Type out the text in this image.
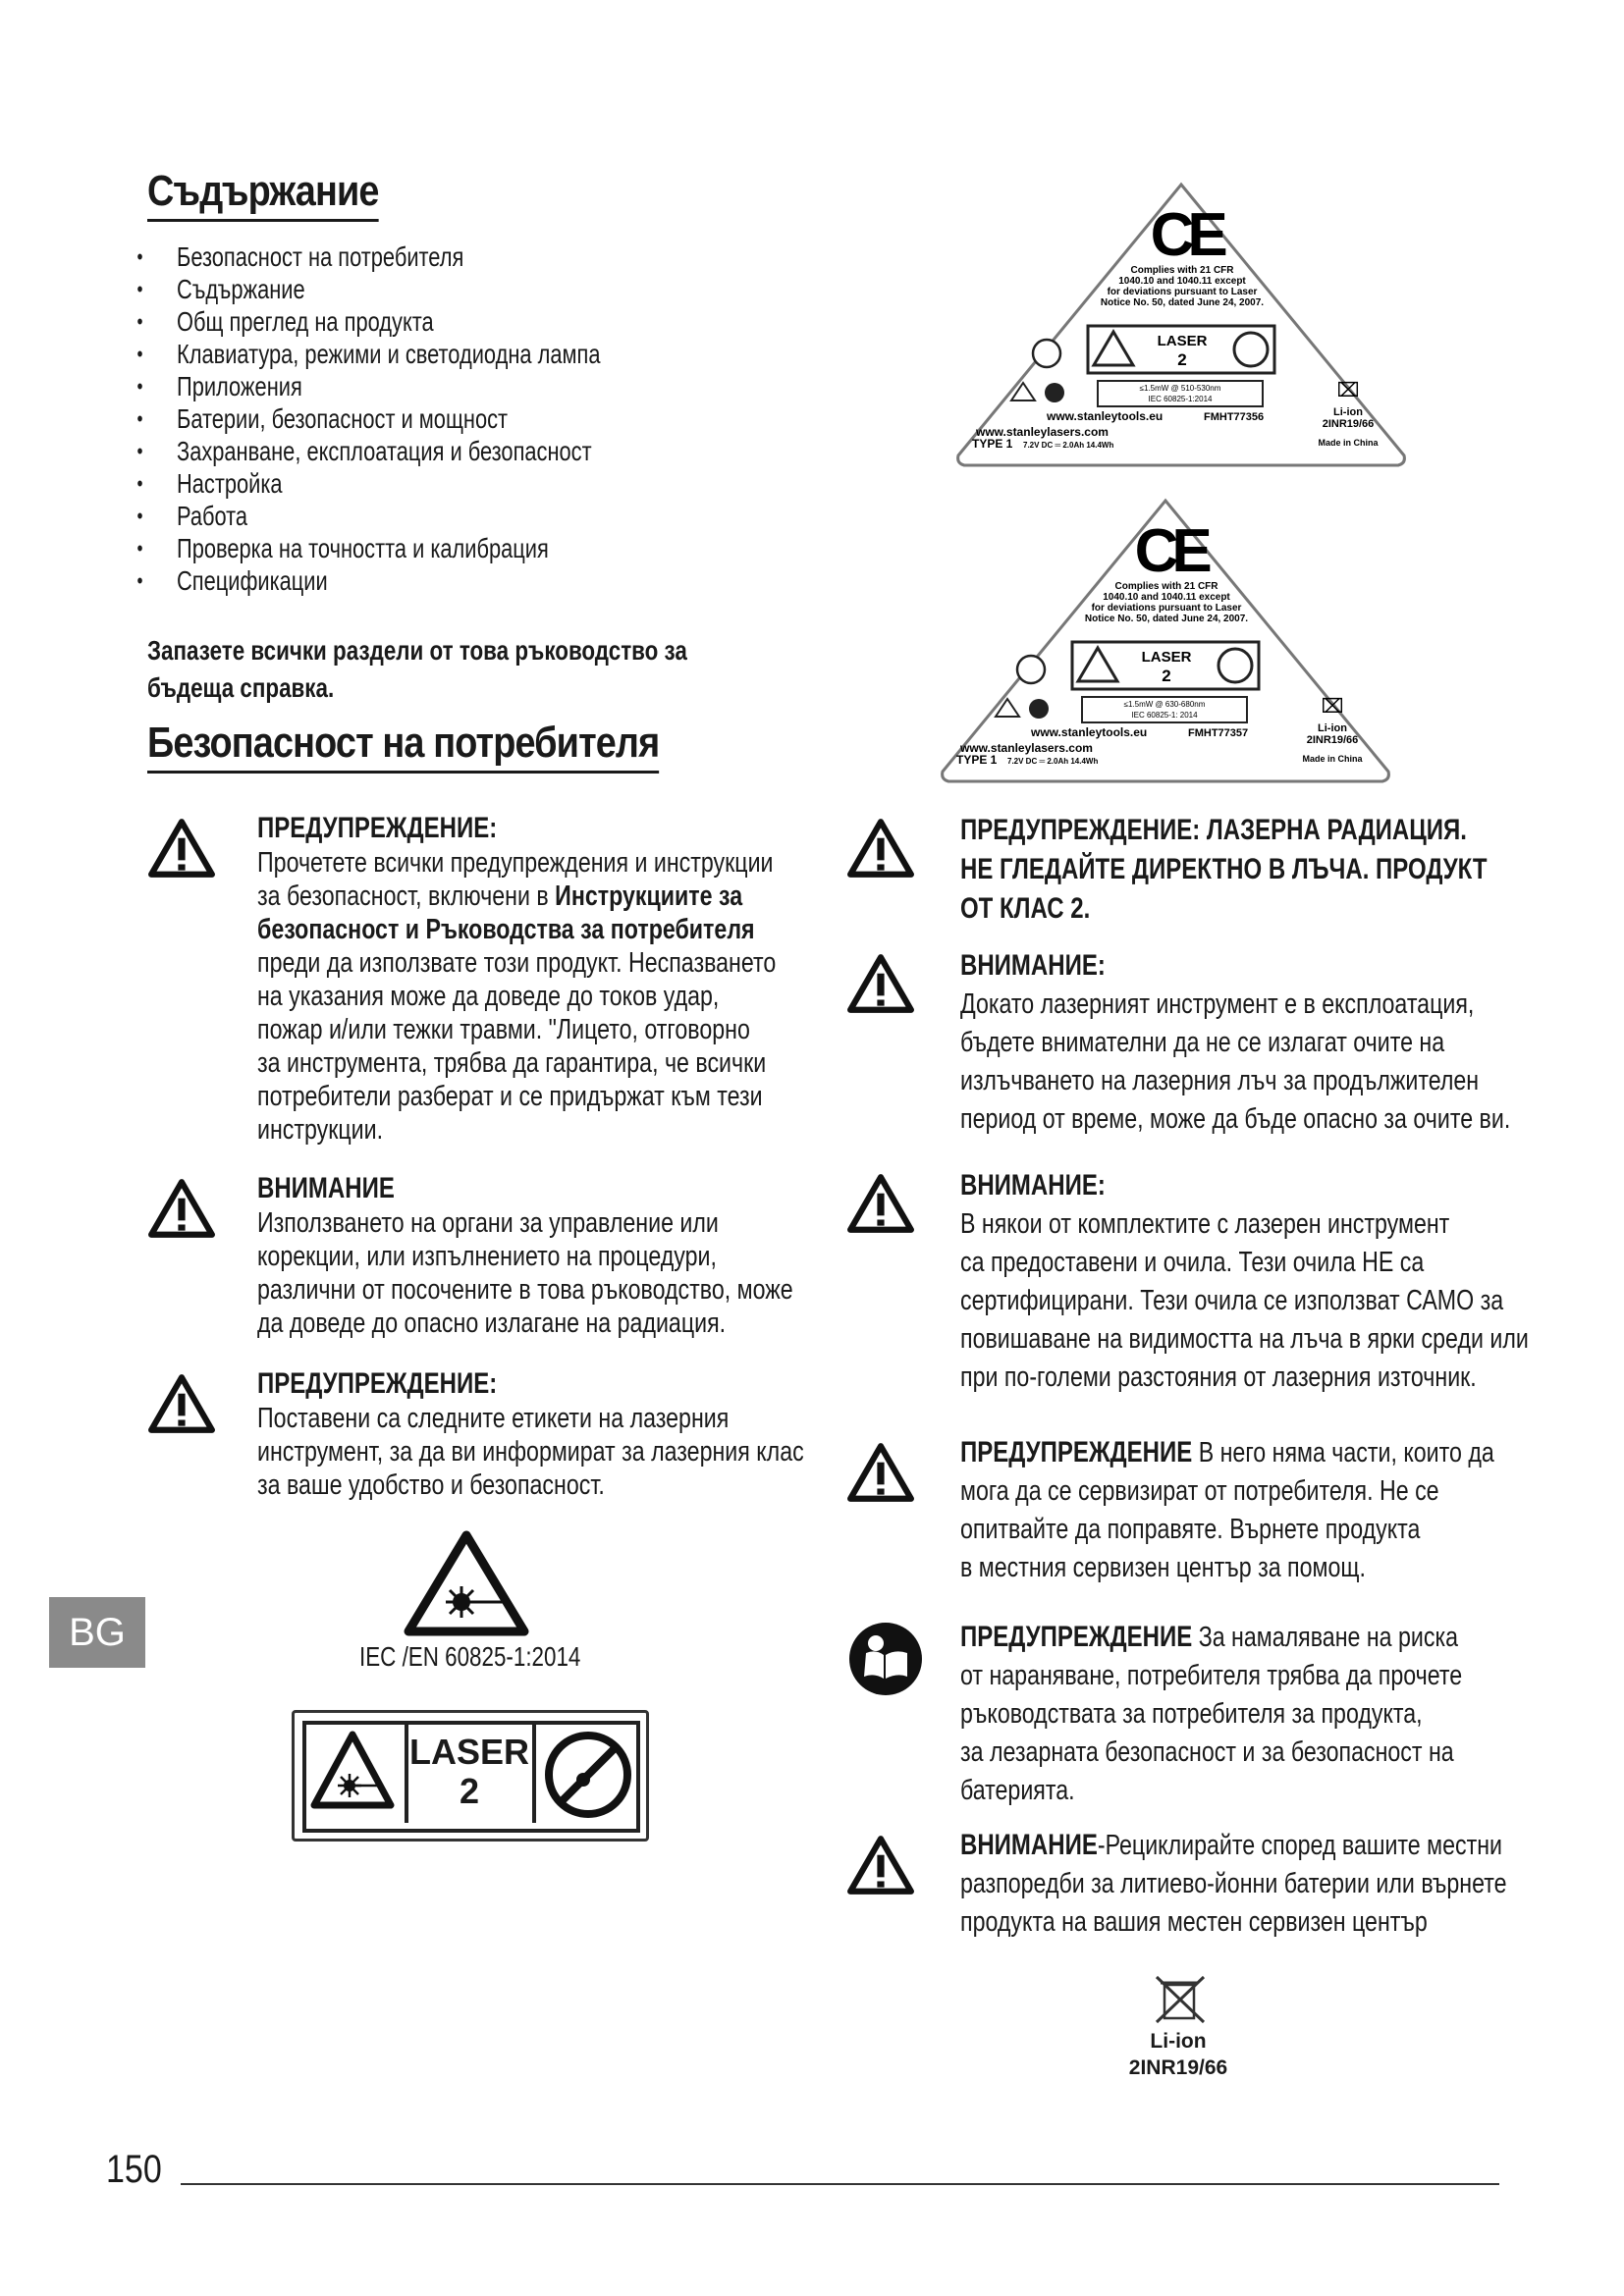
Съдържание
• Безопасност на потребителя
• Съдържание
• Общ преглед на продукта
• Клавиатура, режими и светодиодна лампа
• Приложения
• Батерии, безопасност и мощност
• Захранване, експлоатация и безопасност
• Настройка
• Работа
• Проверка на точността и калибрация
• Спецификации
Запазете всички раздели от това ръководство за
бъдеща справка.
Безопасност на потребителя
ПРЕДУПРЕЖДЕНИЕ:
Прочетете всички предупреждения и инструкции
за безопасност, включени в Инструкциите за
безопасност и Ръководства за потребителя
преди да използвате този продукт. Неспазването
на указания може да доведе до токов удар,
пожар и/или тежки травми. "Лицето, отговорно
за инструмента, трябва да гарантира, че всички
потребители разберат и се придържат към тези
инструкции.
ВНИМАНИЕ
Използването на органи за управление или
корекции, или изпълнението на процедури,
различни от посочените в това ръководство, може
да доведе до опасно излагане на радиация.
ПРЕДУПРЕЖДЕНИЕ:
Поставени са следните етикети на лазерния
инструмент, за да ви информират за лазерния клас
за ваше удобство и безопасност.
IEC /EN 60825-1:2014
LASER
2
C
E
Complies with 21 CFR
1040.10 and 1040.11 except
for deviations pursuant to Laser
Notice No. 50, dated June 24, 2007.
LASER
2
≤1.5mW @ 510-530nm
IEC 60825-1:2014	⌧
www.stanleytools.eu	FMHT77356	Li-ion
2INR19/66
www.stanleylasers.com
TYPE 1 7.2V DC ═ 2.0Ah 14.4Wh	Made in China
C
E
Complies with 21 CFR
1040.10 and 1040.11 except
for deviations pursuant to Laser
Notice No. 50, dated June 24, 2007.
LASER
2
≤1.5mW @ 630-680nm
IEC 60825-1: 2014	⌧
www.stanleytools.eu	FMHT77357	Li-ion
2INR19/66
www.stanleylasers.com
TYPE 1 7.2V DC ═ 2.0Ah 14.4Wh	Made in China
ПРЕДУПРЕЖДЕНИЕ: ЛАЗЕРНА РАДИАЦИЯ.
НЕ ГЛЕДАЙТЕ ДИРЕКТНО В ЛЪЧА. ПРОДУКТ
ОТ КЛАС 2.
ВНИМАНИЕ:
Докато лазерният инструмент е в експлоатация,
бъдете внимателни да не се излагат очите на
излъчването на лазерния лъч за продължителен
период от време, може да бъде опасно за очите ви.
ВНИМАНИЕ:
В някои от комплектите с лазерен инструмент
са предоставени и очила. Тези очила НЕ са
сертифицирани. Тези очила се използват САМО за
повишаване на видимостта на лъча в ярки среди или
при по-големи разстояния от лазерния източник.
ПРЕДУПРЕЖДЕНИЕ В него няма части, които да
мога да се сервизират от потребителя. Не се
опитвайте да поправяте. Върнете продукта
в местния сервизен център за помощ.
ПРЕДУПРЕЖДЕНИЕ За намаляване на риска
от нараняване, потребителя трябва да прочете
ръководствата за потребителя за продукта,
за лезарната безопасност и за безопасност на
батерията.
ВНИМАНИЕ-Рециклирайте според вашите местни
разпоредби за литиево-йонни батерии или върнете
продукта на вашия местен сервизен център
Li-ion
2INR19/66
BG
150
